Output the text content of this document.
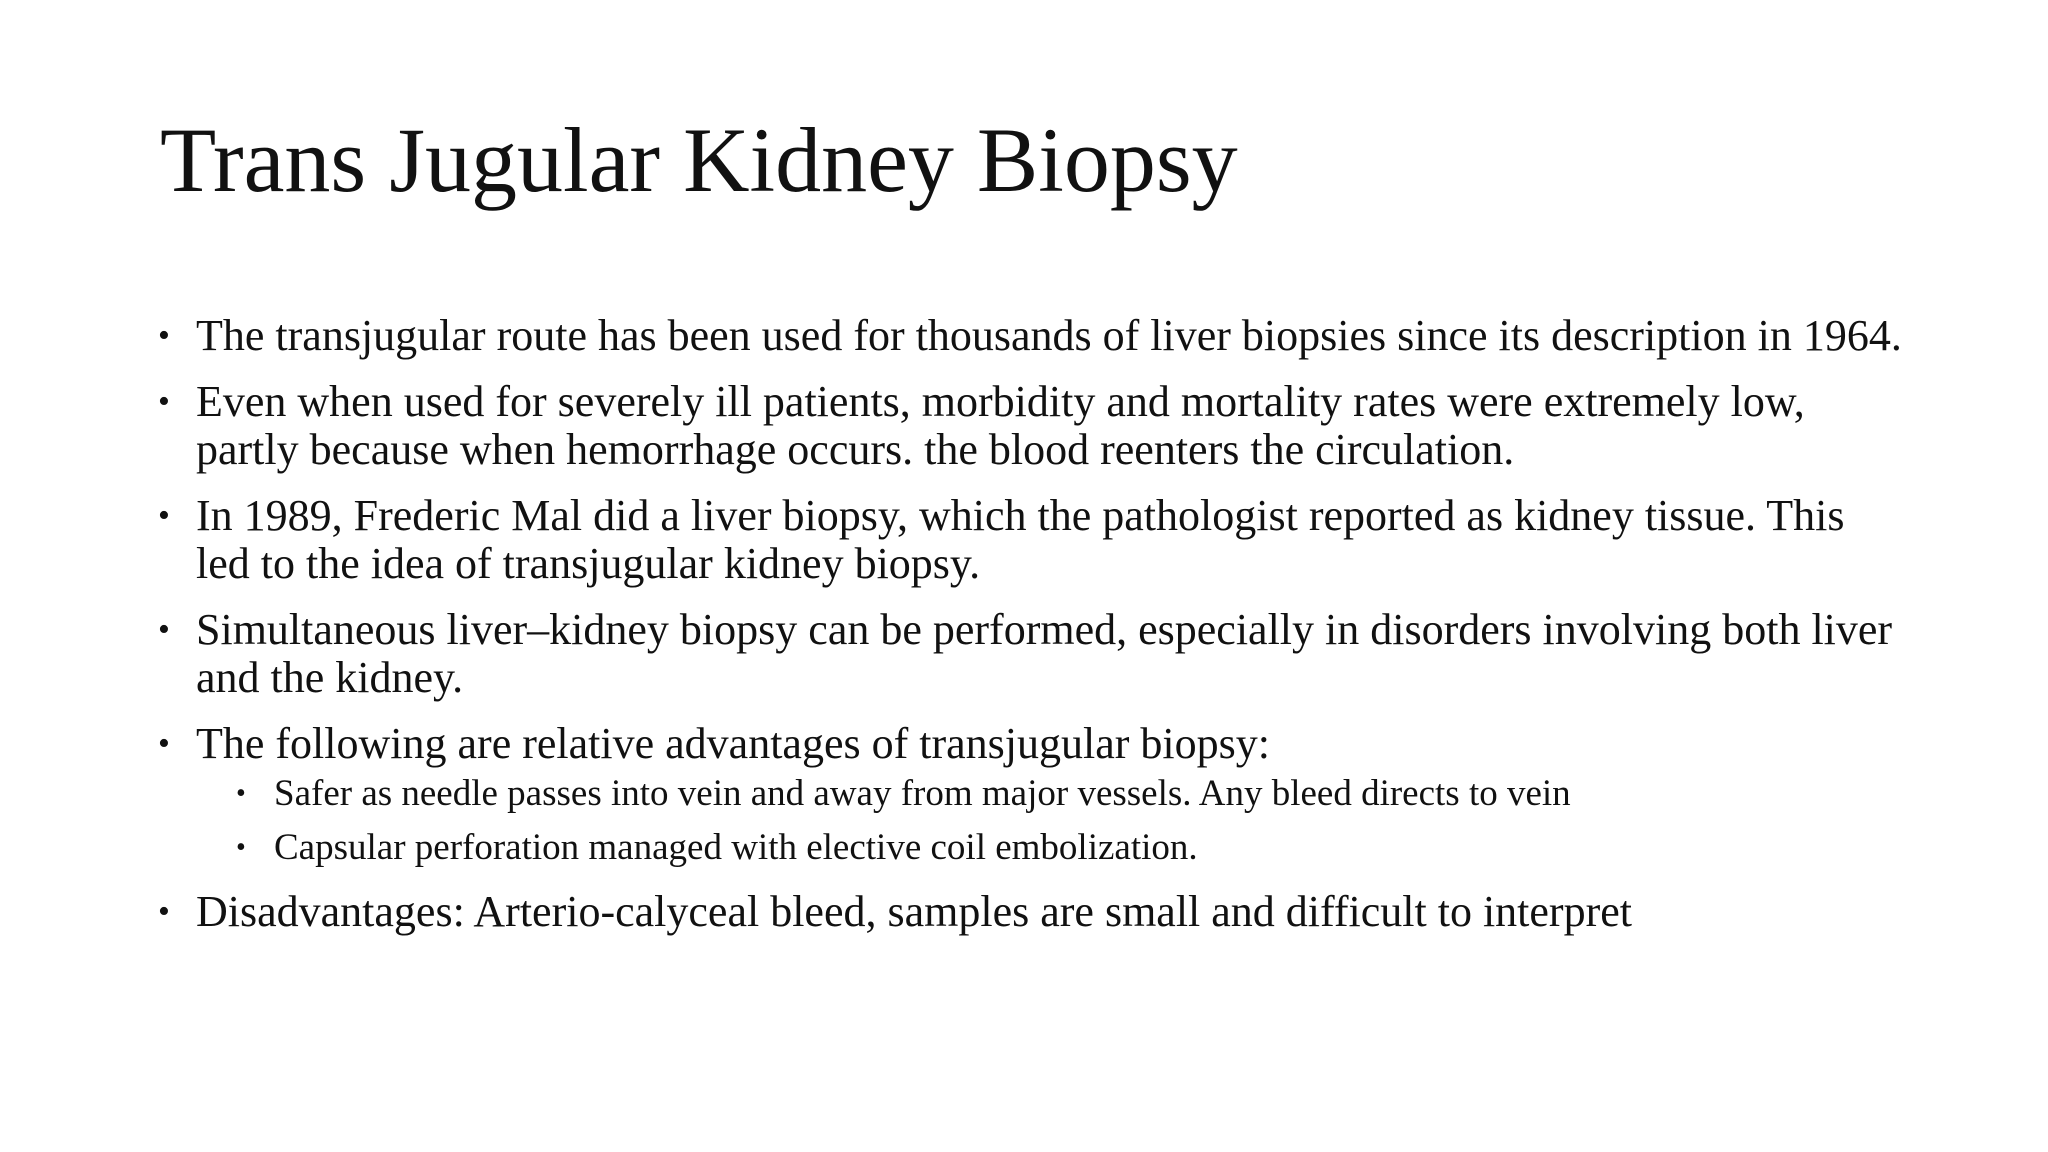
Trans Jugular Kidney Biopsy
• The transjugular route has been used for thousands of liver biopsies since its description in 1964.
• Even when used for severely ill patients, morbidity and mortality rates were extremely low, partly because when hemorrhage occurs. the blood reenters the circulation.
• In 1989, Frederic Mal did a liver biopsy, which the pathologist reported as kidney tissue. This led to the idea of transjugular kidney biopsy.
• Simultaneous liver–kidney biopsy can be performed, especially in disorders involving both liver and the kidney.
• The following are relative advantages of transjugular biopsy:
• Safer as needle passes into vein and away from major vessels. Any bleed directs to vein
• Capsular perforation managed with elective coil embolization.
• Disadvantages: Arterio-calyceal bleed, samples are small and difficult to interpret
